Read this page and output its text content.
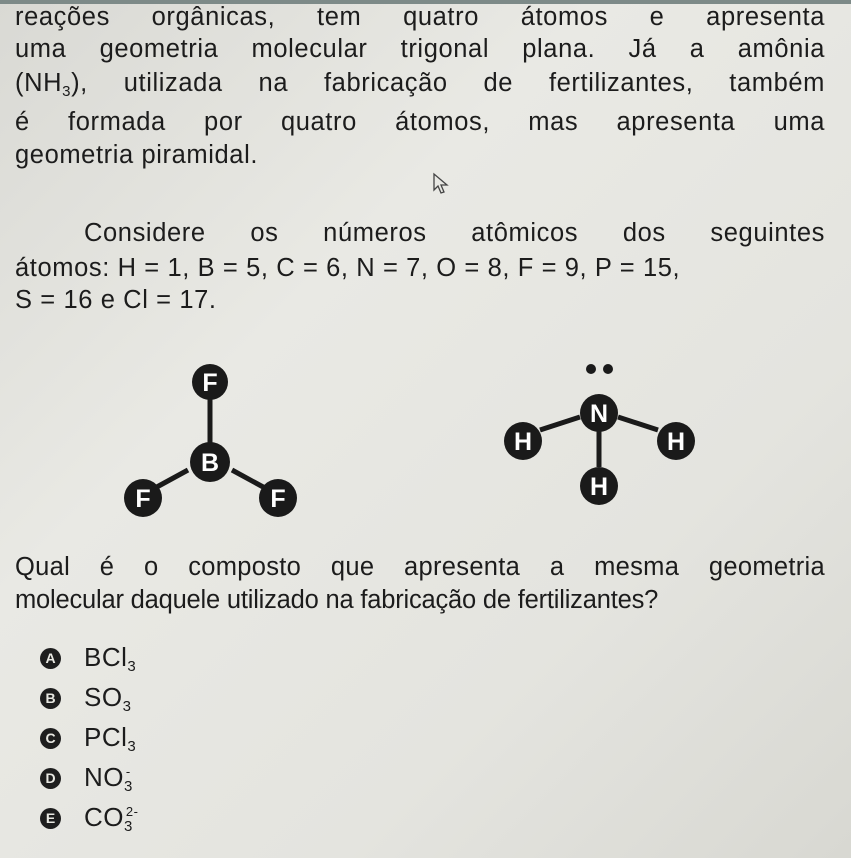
reações orgânicas, tem quatro átomos e apresenta
uma geometria molecular trigonal plana. Já a amônia
$(NH_3)$, utilizada na fabricação de fertilizantes, também
é formada por quatro átomos, mas apresenta uma
geometria piramidal.
Considere os números atômicos dos seguintes
átomos: H = 1, B = 5, C = 6, N = 7, O = 8, F = 9, P = 15,
S = 16 e Cl = 17.
F
B
F	F
N
H	H
H
Qual é o composto que apresenta a mesma geometria
molecular daquele utilizado na fabricação de fertilizantes?
A BCl$_3$
B $SO_3$
C PCl$_3$
D $NO_3^-$
E $CO_3^{2-}$
